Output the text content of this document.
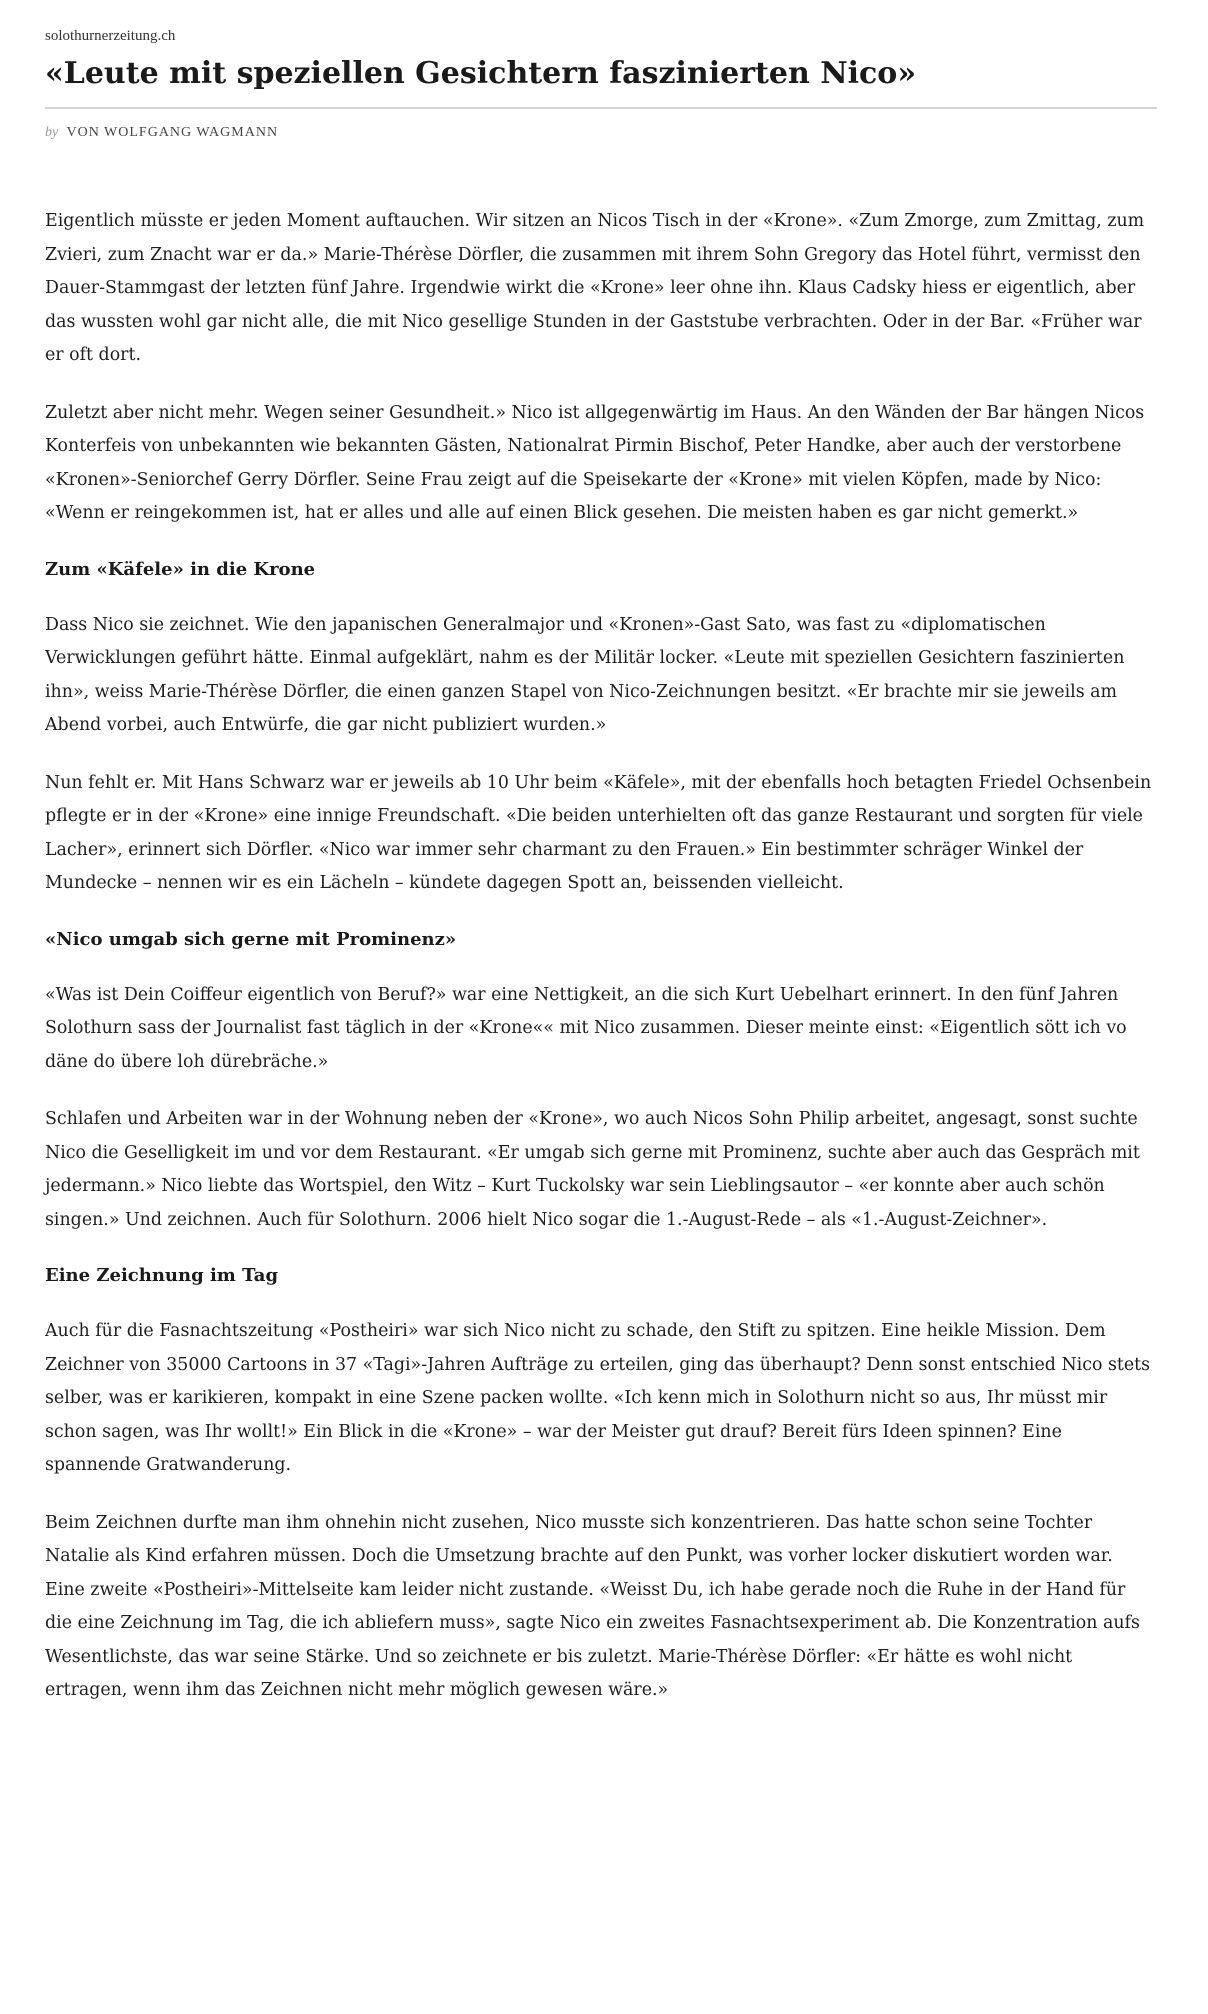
solothurnerzeitung.ch
«Leute mit speziellen Gesichtern faszinierten Nico»
by VON WOLFGANG WAGMANN

Eigentlich müsste er jeden Moment auftauchen. Wir sitzen an Nicos Tisch in der «Krone». «Zum Zmorge, zum Zmittag, zum Zvieri, zum Znacht war er da.» Marie-Thérèse Dörfler, die zusammen mit ihrem Sohn Gregory das Hotel führt, vermisst den Dauer-Stammgast der letzten fünf Jahre. Irgendwie wirkt die «Krone» leer ohne ihn. Klaus Cadsky hiess er eigentlich, aber das wussten wohl gar nicht alle, die mit Nico gesellige Stunden in der Gaststube verbrachten. Oder in der Bar. «Früher war er oft dort.

Zuletzt aber nicht mehr. Wegen seiner Gesundheit.» Nico ist allgegenwärtig im Haus. An den Wänden der Bar hängen Nicos Konterfeis von unbekannten wie bekannten Gästen, Nationalrat Pirmin Bischof, Peter Handke, aber auch der verstorbene «Kronen»-Seniorchef Gerry Dörfler. Seine Frau zeigt auf die Speisekarte der «Krone» mit vielen Köpfen, made by Nico: «Wenn er reingekommen ist, hat er alles und alle auf einen Blick gesehen. Die meisten haben es gar nicht gemerkt.»

Zum «Käfele» in die Krone

Dass Nico sie zeichnet. Wie den japanischen Generalmajor und «Kronen»-Gast Sato, was fast zu «diplomatischen Verwicklungen geführt hätte. Einmal aufgeklärt, nahm es der Militär locker. «Leute mit speziellen Gesichtern faszinierten ihn», weiss Marie-Thérèse Dörfler, die einen ganzen Stapel von Nico-Zeichnungen besitzt. «Er brachte mir sie jeweils am Abend vorbei, auch Entwürfe, die gar nicht publiziert wurden.»

Nun fehlt er. Mit Hans Schwarz war er jeweils ab 10 Uhr beim «Käfele», mit der ebenfalls hoch betagten Friedel Ochsenbein pflegte er in der «Krone» eine innige Freundschaft. «Die beiden unterhielten oft das ganze Restaurant und sorgten für viele Lacher», erinnert sich Dörfler. «Nico war immer sehr charmant zu den Frauen.» Ein bestimmter schräger Winkel der Mundecke – nennen wir es ein Lächeln – kündete dagegen Spott an, beissenden vielleicht.

«Nico umgab sich gerne mit Prominenz»

«Was ist Dein Coiffeur eigentlich von Beruf?» war eine Nettigkeit, an die sich Kurt Uebelhart erinnert. In den fünf Jahren Solothurn sass der Journalist fast täglich in der «Krone«« mit Nico zusammen. Dieser meinte einst: «Eigentlich sött ich vo däne do übere loh dürebräche.»

Schlafen und Arbeiten war in der Wohnung neben der «Krone», wo auch Nicos Sohn Philip arbeitet, angesagt, sonst suchte Nico die Geselligkeit im und vor dem Restaurant. «Er umgab sich gerne mit Prominenz, suchte aber auch das Gespräch mit jedermann.» Nico liebte das Wortspiel, den Witz – Kurt Tuckolsky war sein Lieblingsautor – «er konnte aber auch schön singen.» Und zeichnen. Auch für Solothurn. 2006 hielt Nico sogar die 1.-August-Rede – als «1.-August-Zeichner».

Eine Zeichnung im Tag

Auch für die Fasnachtszeitung «Postheiri» war sich Nico nicht zu schade, den Stift zu spitzen. Eine heikle Mission. Dem Zeichner von 35000 Cartoons in 37 «Tagi»-Jahren Aufträge zu erteilen, ging das überhaupt? Denn sonst entschied Nico stets selber, was er karikieren, kompakt in eine Szene packen wollte. «Ich kenn mich in Solothurn nicht so aus, Ihr müsst mir schon sagen, was Ihr wollt!» Ein Blick in die «Krone» – war der Meister gut drauf? Bereit fürs Ideen spinnen? Eine spannende Gratwanderung.

Beim Zeichnen durfte man ihm ohnehin nicht zusehen, Nico musste sich konzentrieren. Das hatte schon seine Tochter Natalie als Kind erfahren müssen. Doch die Umsetzung brachte auf den Punkt, was vorher locker diskutiert worden war. Eine zweite «Postheiri»-Mittelseite kam leider nicht zustande. «Weisst Du, ich habe gerade noch die Ruhe in der Hand für die eine Zeichnung im Tag, die ich abliefern muss», sagte Nico ein zweites Fasnachtsexperiment ab. Die Konzentration aufs Wesentlichste, das war seine Stärke. Und so zeichnete er bis zuletzt. Marie-Thérèse Dörfler: «Er hätte es wohl nicht ertragen, wenn ihm das Zeichnen nicht mehr möglich gewesen wäre.»
